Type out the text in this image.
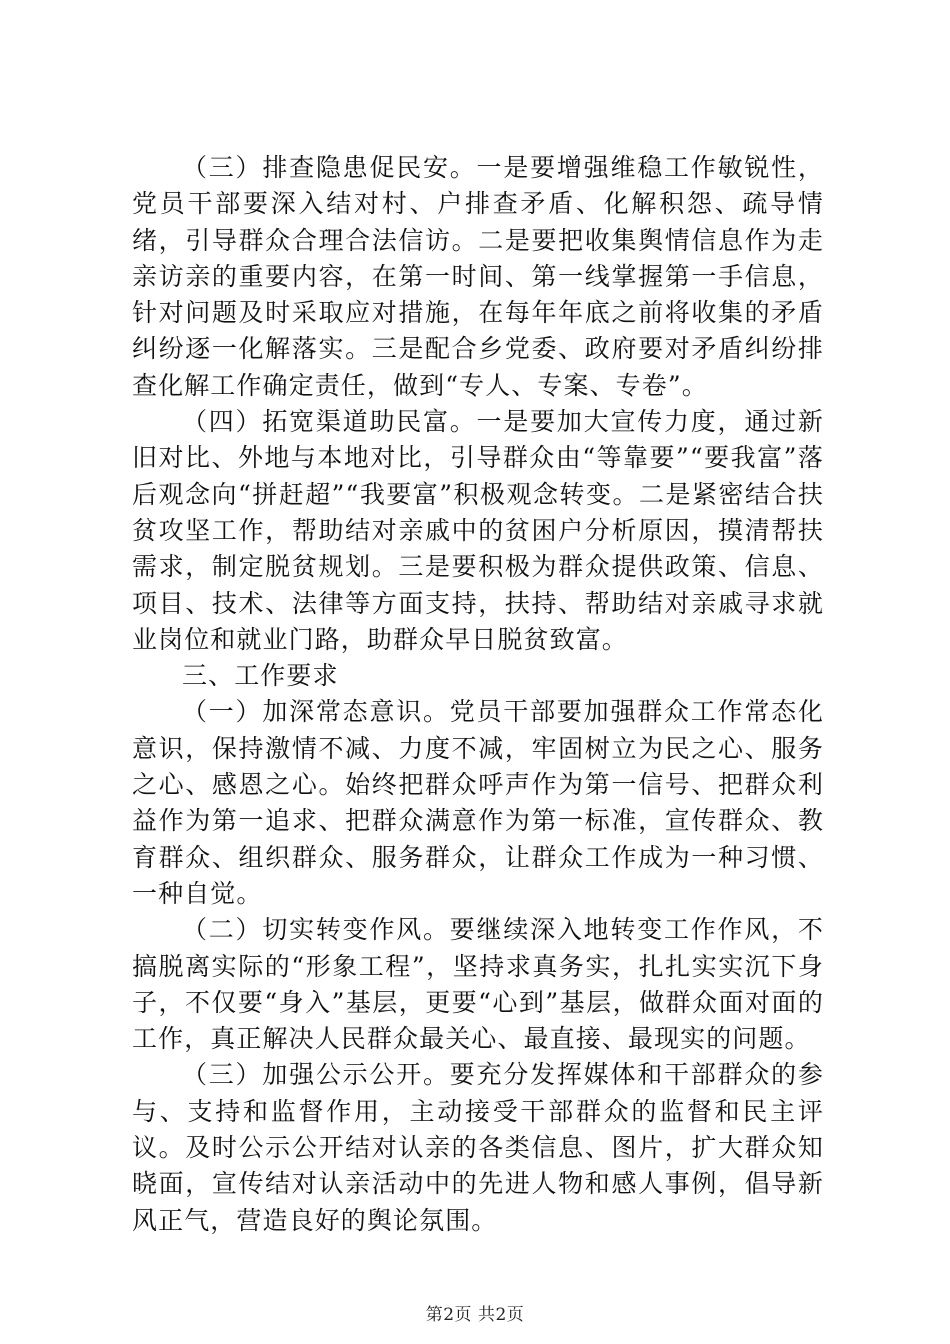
（三）排查隐患促民安。一是要增强维稳工作敏锐性，党员干部要深入结对村、户排查矛盾、化解积怨、疏导情绪，引导群众合理合法信访。二是要把收集舆情信息作为走亲访亲的重要内容，在第一时间、第一线掌握第一手信息，针对问题及时采取应对措施，在每年年底之前将收集的矛盾纠纷逐一化解落实。三是配合乡党委、政府要对矛盾纠纷排查化解工作确定责任，做到“专人、专案、专卷”。

（四）拓宽渠道助民富。一是要加大宣传力度，通过新旧对比、外地与本地对比，引导群众由“等靠要”“要我富”落后观念向“拼赶超”“我要富”积极观念转变。二是紧密结合扶贫攻坚工作，帮助结对亲戚中的贫困户分析原因，摸清帮扶需求，制定脱贫规划。三是要积极为群众提供政策、信息、项目、技术、法律等方面支持，扶持、帮助结对亲戚寻求就业岗位和就业门路，助群众早日脱贫致富。

三、工作要求

（一）加深常态意识。党员干部要加强群众工作常态化意识，保持激情不减、力度不减，牢固树立为民之心、服务之心、感恩之心。始终把群众呼声作为第一信号、把群众利益作为第一追求、把群众满意作为第一标准，宣传群众、教育群众、组织群众、服务群众，让群众工作成为一种习惯、一种自觉。

（二）切实转变作风。要继续深入地转变工作作风，不搞脱离实际的“形象工程”，坚持求真务实，扎扎实实沉下身子，不仅要“身入”基层，更要“心到”基层，做群众面对面的工作，真正解决人民群众最关心、最直接、最现实的问题。

（三）加强公示公开。要充分发挥媒体和干部群众的参与、支持和监督作用，主动接受干部群众的监督和民主评议。及时公示公开结对认亲的各类信息、图片，扩大群众知晓面，宣传结对认亲活动中的先进人物和感人事例，倡导新风正气，营造良好的舆论氛围。

第2页 共2页
